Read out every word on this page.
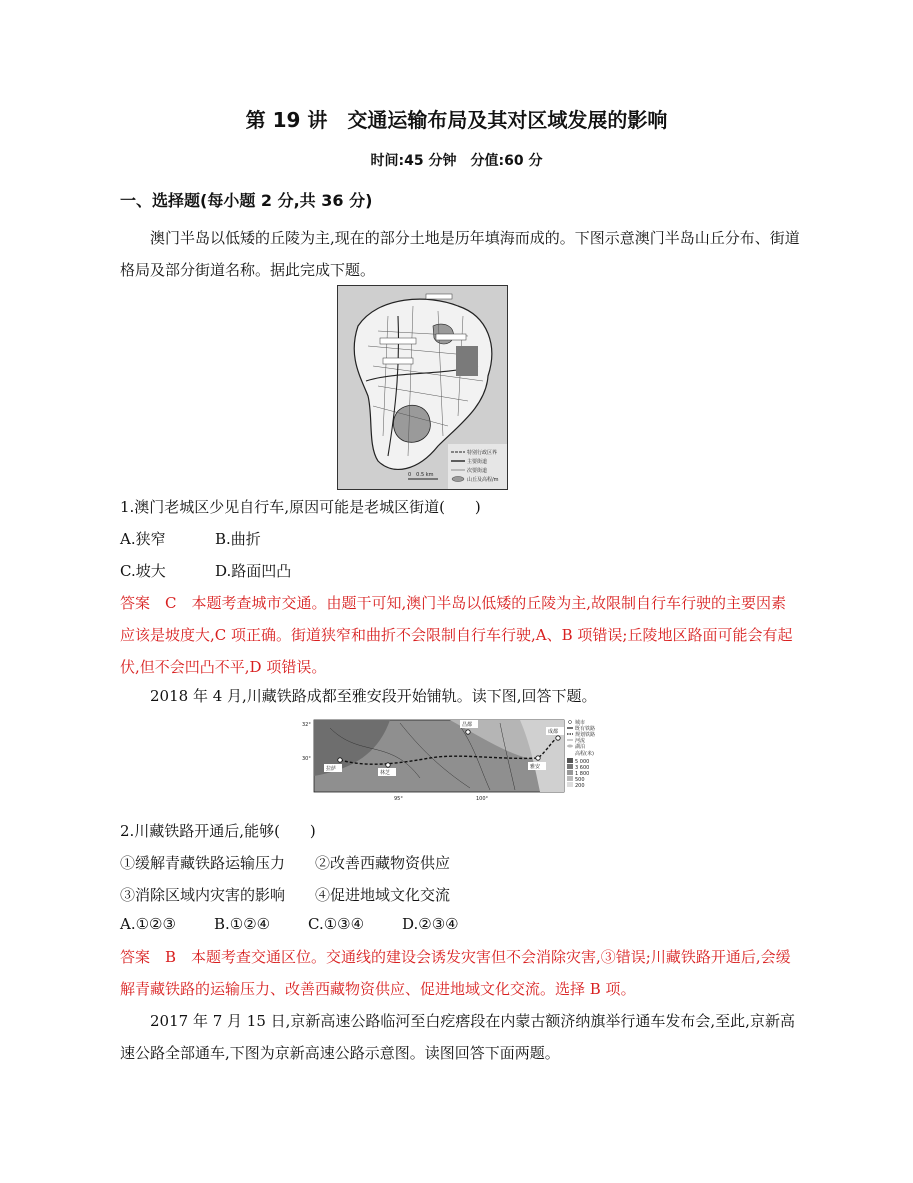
第 19 讲　交通运输布局及其对区域发展的影响
时间:45 分钟　分值:60 分
一、选择题(每小题 2 分,共 36 分)
澳门半岛以低矮的丘陵为主,现在的部分土地是历年填海而成的。下图示意澳门半岛山丘分布、街道格局及部分街道名称。据此完成下题。
特别行政区界
主要街道
次要街道
山丘及高程/m
0　0.5 km
1.澳门老城区少见自行车,原因可能是老城区街道(　　)
A.狭窄	B.曲折
C.坡大	D.路面凹凸
答案　C　本题考查城市交通。由题干可知,澳门半岛以低矮的丘陵为主,故限制自行车行驶的主要因素应该是坡度大,C 项正确。街道狭窄和曲折不会限制自行车行驶,A、B 项错误;丘陵地区路面可能会有起伏,但不会凹凸不平,D 项错误。
2018 年 4 月,川藏铁路成都至雅安段开始铺轨。读下图,回答下题。
昌都
成都
拉萨
林芝
雅安
32°
30°
95°	100°
城市
既有铁路
规划铁路
河流
湖泊
高程(米)
5 000
3 600
1 800
500
200
2.川藏铁路开通后,能够(　　)
①缓解青藏铁路运输压力 ②改善西藏物资供应
③消除区域内灾害的影响 ④促进地域文化交流
A.①②③	B.①②④	C.①③④	D.②③④
答案　B　本题考查交通区位。交通线的建设会诱发灾害但不会消除灾害,③错误;川藏铁路开通后,会缓解青藏铁路的运输压力、改善西藏物资供应、促进地域文化交流。选择 B 项。
2017 年 7 月 15 日,京新高速公路临河至白疙瘩段在内蒙古额济纳旗举行通车发布会,至此,京新高速公路全部通车,下图为京新高速公路示意图。读图回答下面两题。
